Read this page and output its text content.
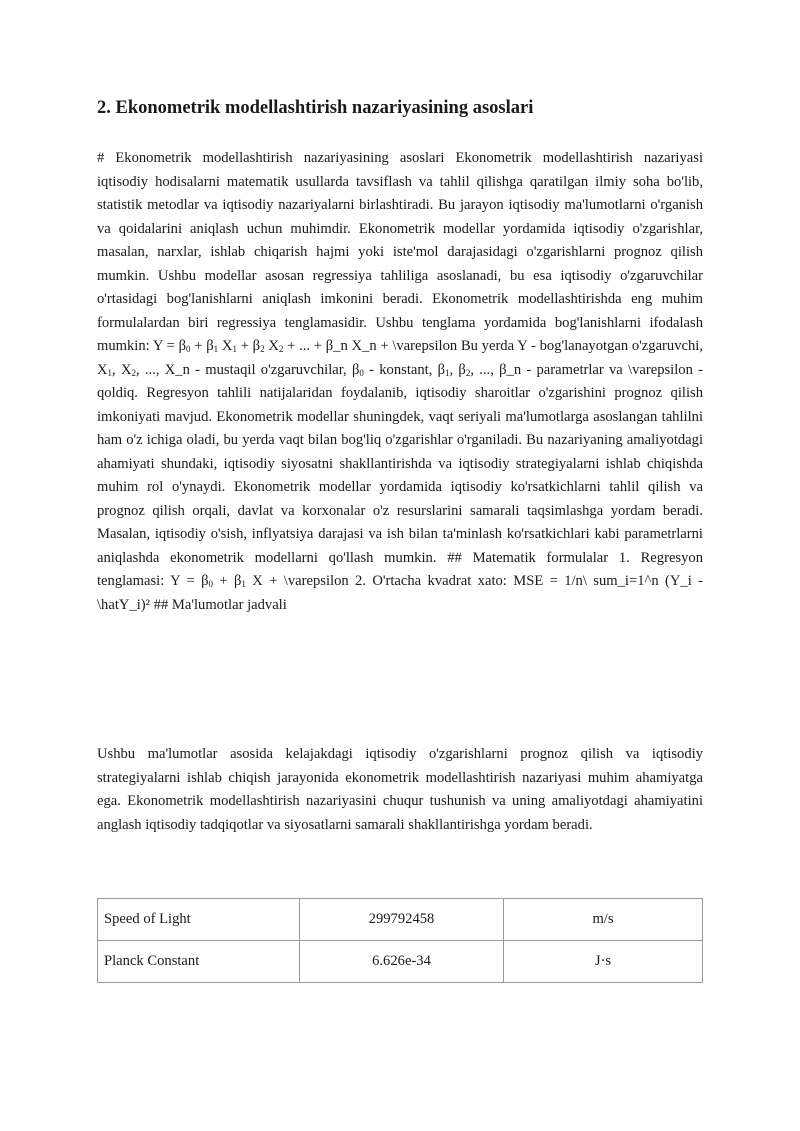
2. Ekonometrik modellashtirish nazariyasining asoslari

# Ekonometrik modellashtirish nazariyasining asoslari Ekonometrik modellashtirish nazariyasi iqtisodiy hodisalarni matematik usullarda tavsiflash va tahlil qilishga qaratilgan ilmiy soha bo'lib, statistik metodlar va iqtisodiy nazariyalarni birlashtiradi. Bu jarayon iqtisodiy ma'lumotlarni o'rganish va qoidalarini aniqlash uchun muhimdir. Ekonometrik modellar yordamida iqtisodiy o'zgarishlar, masalan, narxlar, ishlab chiqarish hajmi yoki iste'mol darajasidagi o'zgarishlarni prognoz qilish mumkin. Ushbu modellar asosan regressiya tahliliga asoslanadi, bu esa iqtisodiy o'zgaruvchilar o'rtasidagi bog'lanishlarni aniqlash imkonini beradi. Ekonometrik modellashtirishda eng muhim formulalardan biri regressiya tenglamasidir. Ushbu tenglama yordamida bog'lanishlarni ifodalash mumkin: $Y = \beta_0 + \beta_1$ $X_1 + \beta_2$ $X_2$ + ... + β_n X_n + \varepsilon Bu yerda Y - bog'lanayotgan o'zgaruvchi, $X_1$, $X_2$, ..., X_n - mustaqil o'zgaruvchilar, $\beta_0$ - konstant, $\beta_1$, $\beta_2$, ..., β_n - parametrlar va \varepsilon - qoldiq. Regresyon tahlili natijalaridan foydalanib, iqtisodiy sharoitlar o'zgarishini prognoz qilish imkoniyati mavjud. Ekonometrik modellar shuningdek, vaqt seriyali ma'lumotlarga asoslangan tahlilni ham o'z ichiga oladi, bu yerda vaqt bilan bog'liq o'zgarishlar o'rganiladi. Bu nazariyaning amaliyotdagi ahamiyati shundaki, iqtisodiy siyosatni shakllantirishda va iqtisodiy strategiyalarni ishlab chiqishda muhim rol o'ynaydi. Ekonometrik modellar yordamida iqtisodiy ko'rsatkichlarni tahlil qilish va prognoz qilish orqali, davlat va korxonalar o'z resurslarini samarali taqsimlashga yordam beradi. Masalan, iqtisodiy o'sish, inflyatsiya darajasi va ish bilan ta'minlash ko'rsatkichlari kabi parametrlarni aniqlashda ekonometrik modellarni qo'llash mumkin. ## Matematik formulalar 1. Regresyon tenglamasi: $Y = \beta_0 + \beta_1$ X + \varepsilon 2. O'rtacha kvadrat xato: MSE = 1/n\ sum_i=1^n (Y_i - \hatY_i)² ## Ma'lumotlar jadvali

Ushbu ma'lumotlar asosida kelajakdagi iqtisodiy o'zgarishlarni prognoz qilish va iqtisodiy strategiyalarni ishlab chiqish jarayonida ekonometrik modellashtirish nazariyasi muhim ahamiyatga ega. Ekonometrik modellashtirish nazariyasini chuqur tushunish va uning amaliyotdagi ahamiyatini anglash iqtisodiy tadqiqotlar va siyosatlarni samarali shakllantirishga yordam beradi.

Speed of Light	299792458	m/s
Planck Constant	6.626e-34	J·s
